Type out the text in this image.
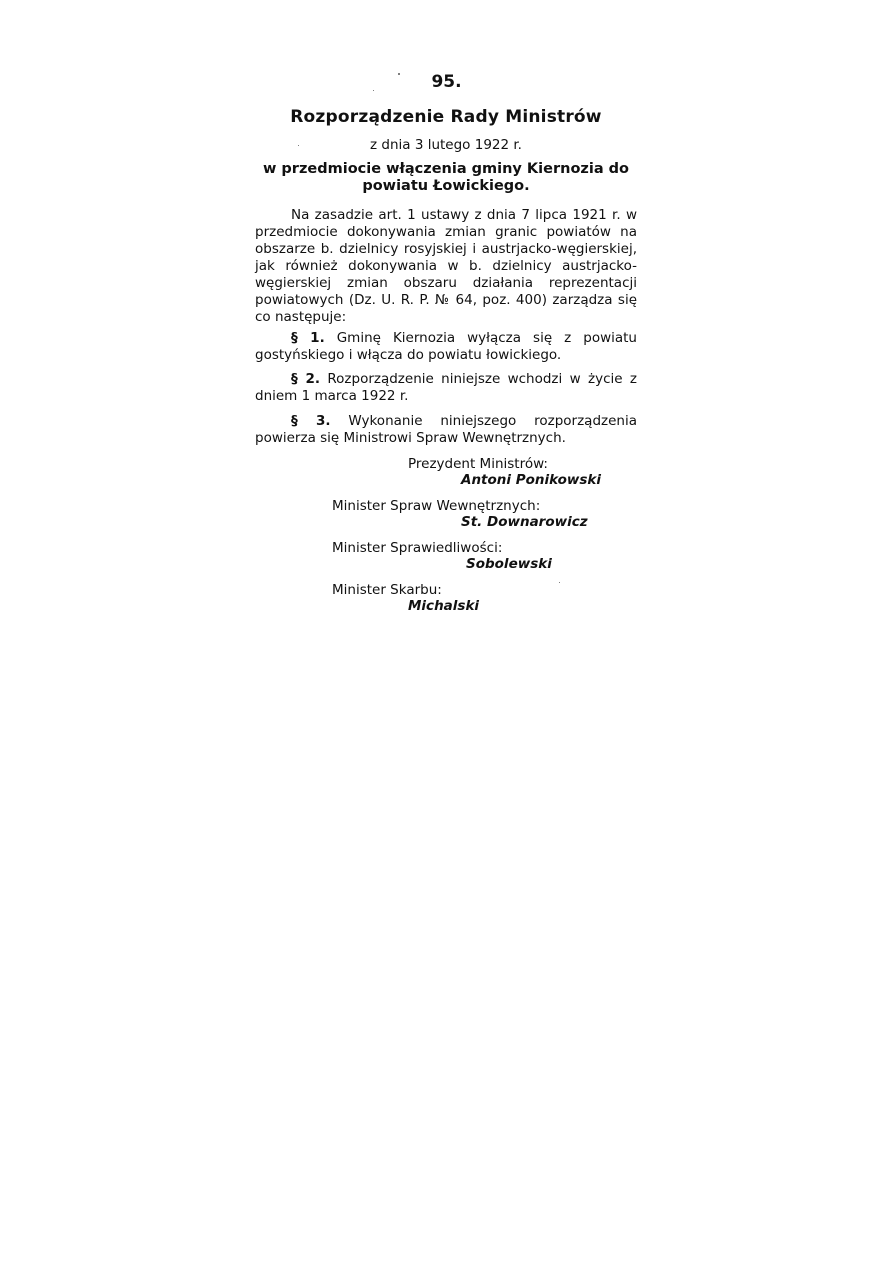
95.
Rozporządzenie Rady Ministrów
z dnia 3 lutego 1922 r.
w przedmiocie włączenia gminy Kiernozia do powiatu Łowickiego.

Na zasadzie art. 1 ustawy z dnia 7 lipca 1921 r. w przedmiocie dokonywania zmian granic powiatów na obszarze b. dzielnicy rosyjskiej i austrjacko-węgierskiej, jak również dokonywania w b. dzielnicy austrjacko-węgierskiej zmian obszaru działania reprezentacji powiatowych (Dz. U. R. P. № 64, poz. 400) zarządza się co następuje:

§ 1. Gminę Kiernozia wyłącza się z powiatu gostyńskiego i włącza do powiatu łowickiego.

§ 2. Rozporządzenie niniejsze wchodzi w życie z dniem 1 marca 1922 r.

§ 3. Wykonanie niniejszego rozporządzenia powierza się Ministrowi Spraw Wewnętrznych.

Prezydent Ministrów:
Antoni Ponikowski
Minister Spraw Wewnętrznych:
St. Downarowicz
Minister Sprawiedliwości:
Sobolewski
Minister Skarbu:
Michalski
